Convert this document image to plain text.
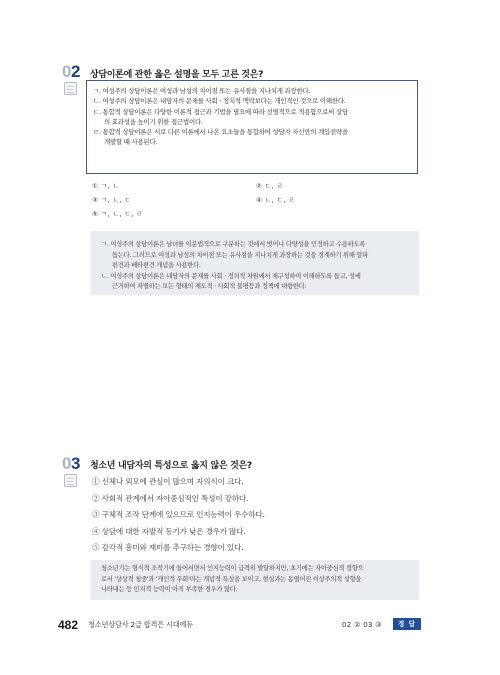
02 상담이론에 관한 옳은 설명을 모두 고른 것은?
ㄱ. 여성주의 상담이론은 여성과 남성의 차이점 또는 유사점을 지나치게 과장한다.
ㄴ. 여성주의 상담이론은 내담자의 문제를 사회 · 정치적 맥락보다는 개인적인 것으로 이해한다.
ㄷ. 통합적 상담이론은 다양한 이론적 접근과 기법을 필요에 따라 선별적으로 적용함으로써 상담
의 효과성을 높이기 위한 접근법이다.
ㄹ. 통합적 상담이론은 서로 다른 이론에서 나온 요소들을 통합하여 상담자 자신만의 개입전략을
개발할 때 사용된다.
① ㄱ, ㄴ	② ㄷ, ㄹ
③ ㄱ, ㄴ, ㄷ	④ ㄴ, ㄷ, ㄹ
⑤ ㄱ, ㄴ, ㄷ, ㄹ
ㄱ. 여성주의 상담이론은 남녀를 이분법적으로 구분하는 것에서 벗어나 다양성을 인정하고 수용하도록
돕는다. 그러므로 여성과 남성의 차이점 또는 유사점을 지나치게 과장하는 것을 경계하기 위해 알파
편견과 베타편견 개념을 사용한다.
ㄴ. 여성주의 상담이론은 내담자의 문제를 사회 · 정치적 차원에서 재구성하여 이해하도록 돕고, 성에
근거하여 차별하는 모든 형태의 제도적 · 사회적 불평등과 정책에 대항한다.
03 청소년 내담자의 특성으로 옳지 않은 것은?
① 신체나 외모에 관심이 많으며 자의식이 크다.
② 사회적 관계에서 자아중심적인 특성이 강하다.
③ 구체적 조작 단계에 있으므로 인지능력이 우수하다.
④ 상담에 대한 자발적 동기가 낮은 경우가 많다.
⑤ 감각적 흥미와 재미를 추구하는 경향이 있다.
청소년기는 형식적 조작기에 들어서면서 인지능력이 급격히 발달하지만, 초기에는 자아중심적 경향으
로서 '상상적 청중'과 '개인적 우화'라는 개념적 특성을 보이고, 현실과는 동떨어진 이상주의적 성향을
나타내는 등 인지적 능력이 아직 부족한 경우가 많다.
482 청소년상담사 2급 합격은 시대에듀	02 ② 03 ③	정 답
